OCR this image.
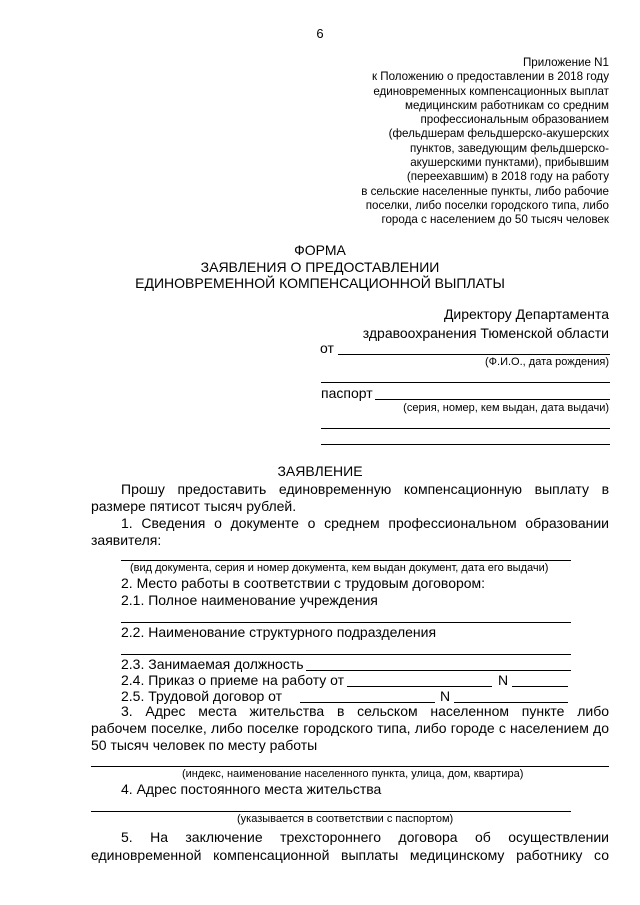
6
Приложение N1
к Положению о предоставлении в 2018 году
единовременных компенсационных выплат
медицинским работникам со средним
профессиональным образованием
(фельдшерам фельдшерско-акушерских
пунктов, заведующим фельдшерско-
акушерскими пунктами), прибывшим
(переехавшим) в 2018 году на работу
в сельские населенные пункты, либо рабочие
поселки, либо поселки городского типа, либо
города с населением до 50 тысяч человек
ФОРМА
ЗАЯВЛЕНИЯ О ПРЕДОСТАВЛЕНИИ
ЕДИНОВРЕМЕННОЙ КОМПЕНСАЦИОННОЙ ВЫПЛАТЫ
Директору Департамента
здравоохранения Тюменской области
от
(Ф.И.О., дата рождения)
паспорт
(серия, номер, кем выдан, дата выдачи)
ЗАЯВЛЕНИЕ
Прошу предоставить единовременную компенсационную выплату в
размере пятисот тысяч рублей.
1. Сведения о документе о среднем профессиональном образовании
заявителя:
(вид документа, серия и номер документа, кем выдан документ, дата его выдачи)
2. Место работы в соответствии с трудовым договором:
2.1. Полное наименование учреждения
2.2. Наименование структурного подразделения
2.3. Занимаемая должность
2.4. Приказ о приеме на работу от	N
2.5. Трудовой договор от	N
3. Адрес места жительства в сельском населенном пункте либо
рабочем поселке, либо поселке городского типа, либо городе с населением до
50 тысяч человек по месту работы
(индекс, наименование населенного пункта, улица, дом, квартира)
4. Адрес постоянного места жительства
(указывается в соответствии с паспортом)
5. На заключение трехстороннего договора об осуществлении
единовременной компенсационной выплаты медицинскому работнику со
